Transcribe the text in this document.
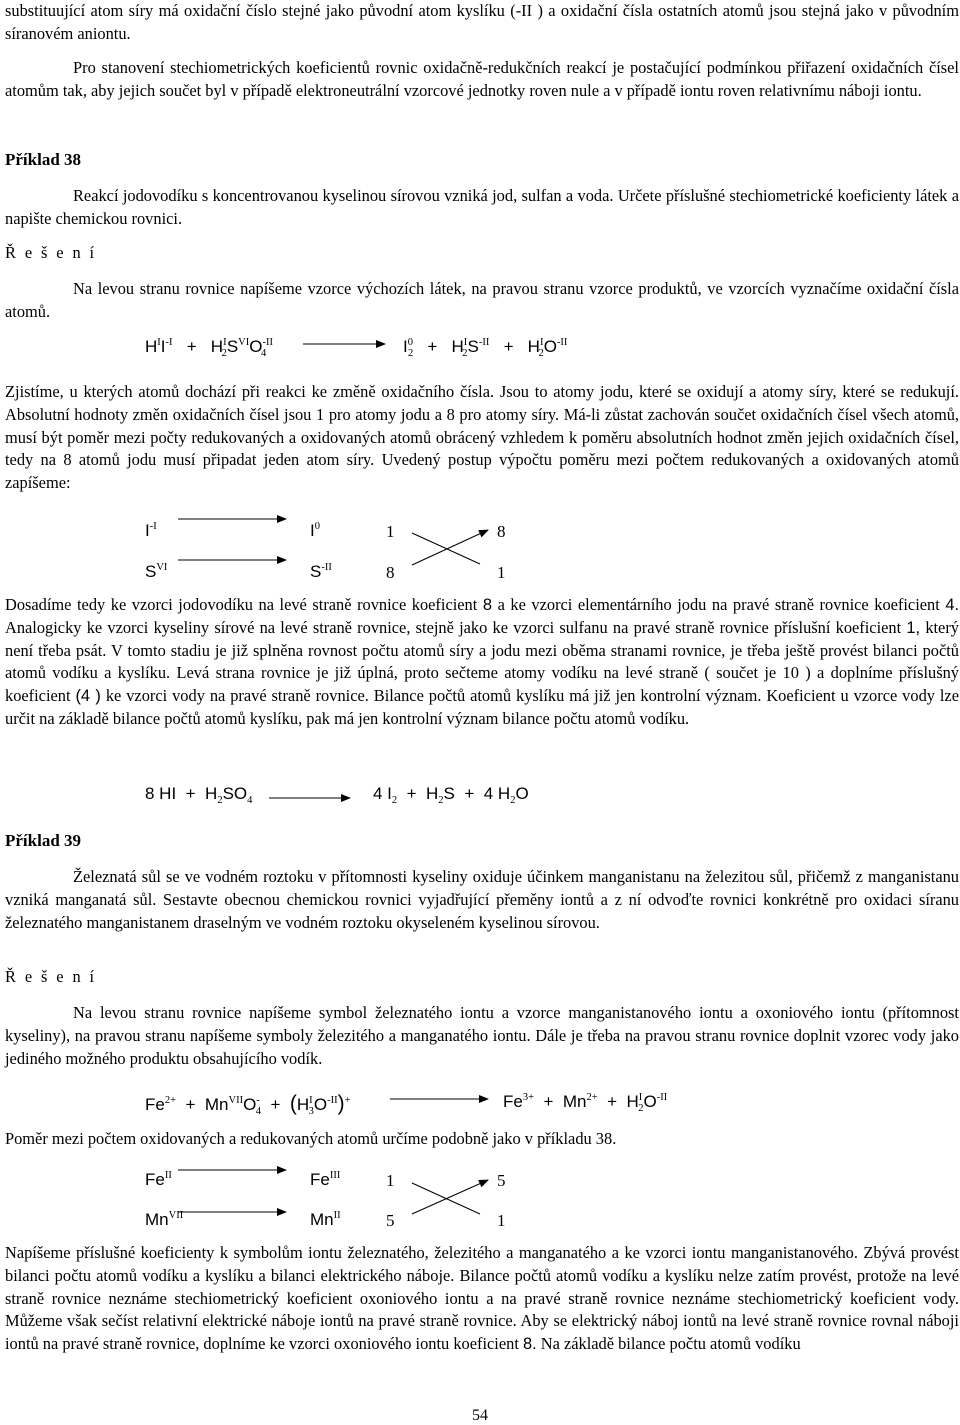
substituující atom síry má oxidační číslo stejné jako původní atom kyslíku (-II ) a oxidační čísla ostatních atomů jsou stejná jako v původním síranovém aniontu.
Pro stanovení stechiometrických koeficientů rovnic oxidačně-redukčních reakcí je postačující podmínkou přiřazení oxidačních čísel atomům tak, aby jejich součet byl v případě elektroneutrální vzorcové jednotky roven nule a v případě iontu roven relativnímu náboji iontu.
Příklad 38
Reakcí jodovodíku s koncentrovanou kyselinou sírovou vzniká jod, sulfan a voda. Určete příslušné stechiometrické koeficienty látek a napište chemickou rovnici.
Ř e š e n í
Na levou stranu rovnice napíšeme vzorce výchozích látek, na pravou stranu vzorce produktů, ve vzorcích vyznačíme oxidační čísla atomů.
$H^II^{-I} + H^I_2S^{VI}O^{-II}_4$	$I^0_2 + H^I_2S^{-II} + H^I_2O^{-II}$
Zjistíme, u kterých atomů dochází při reakci ke změně oxidačního čísla. Jsou to atomy jodu, které se oxidují a atomy síry, které se redukují. Absolutní hodnoty změn oxidačních čísel jsou 1 pro atomy jodu a 8 pro atomy síry. Má-li zůstat zachován součet oxidačních čísel všech atomů, musí být poměr mezi počty redukovaných a oxidovaných atomů obrácený vzhledem k poměru absolutních hodnot změn jejich oxidačních čísel, tedy na 8 atomů jodu musí připadat jeden atom síry. Uvedený postup výpočtu poměru mezi počtem redukovaných a oxidovaných atomů zapíšeme:
$I^{-I}$	$I^0$	1	8
$S^{VI}$	$S^{-II}$	8	1
Dosadíme tedy ke vzorci jodovodíku na levé straně rovnice koeficient 8 a ke vzorci elementárního jodu na pravé straně rovnice koeficient 4. Analogicky ke vzorci kyseliny sírové na levé straně rovnice, stejně jako ke vzorci sulfanu na pravé straně rovnice příslušní koeficient 1, který není třeba psát. V tomto stadiu je již splněna rovnost počtu atomů síry a jodu mezi oběma stranami rovnice, je třeba ještě provést bilanci počtů atomů vodíku a kyslíku. Levá strana rovnice je již úplná, proto sečteme atomy vodíku na levé straně ( součet je 10 ) a doplníme příslušný koeficient (4 ) ke vzorci vody na pravé straně rovnice. Bilance počtů atomů kyslíku má již jen kontrolní význam. Koeficient u vzorce vody lze určit na základě bilance počtů atomů kyslíku, pak má jen kontrolní význam bilance počtu atomů vodíku.
8 HI + $H_2SO_4$	4 $I_2 + H_2S + 4$ $H_2O$
Příklad 39
Železnatá sůl se ve vodném roztoku v přítomnosti kyseliny oxiduje účinkem manganistanu na železitou sůl, přičemž z manganistanu vzniká manganatá sůl. Sestavte obecnou chemickou rovnici vyjadřující přeměny iontů a z ní odvoďte rovnici konkrétně pro oxidaci síranu železnatého manganistanem draselným ve vodném roztoku okyseleném kyselinou sírovou.
Ř e š e n í
Na levou stranu rovnice napíšeme symbol železnatého iontu a vzorce manganistanového iontu a oxoniového iontu (přítomnost kyseliny), na pravou stranu napíšeme symboly železitého a manganatého iontu. Dále je třeba na pravou stranu rovnice doplnit vzorec vody jako jediného možného produktu obsahujícího vodík.
$Fe^{2+} + Mn^{VII}O^-_4 + (H^I_3O^{-II})^+$	$Fe^{3+} + Mn^{2+} + H^I_2O^{-II}$
Poměr mezi počtem oxidovaných a redukovaných atomů určíme podobně jako v příkladu 38.
$Fe^{II}$	$Fe^{III}$	1	5
$Mn^{VII}$	$Mn^{II}$	5	1
Napíšeme příslušné koeficienty k symbolům iontu železnatého, železitého a manganatého a ke vzorci iontu manganistanového. Zbývá provést bilanci počtu atomů vodíku a kyslíku a bilanci elektrického náboje. Bilance počtů atomů vodíku a kyslíku nelze zatím provést, protože na levé straně rovnice neznáme stechiometrický koeficient oxoniového iontu a na pravé straně rovnice neznáme stechiometrický koeficient vody. Můžeme však sečíst relativní elektrické náboje iontů na pravé straně rovnice. Aby se elektrický náboj iontů na levé straně rovnice rovnal náboji iontů na pravé straně rovnice, doplníme ke vzorci oxoniového iontu koeficient 8. Na základě bilance počtu atomů vodíku
54
